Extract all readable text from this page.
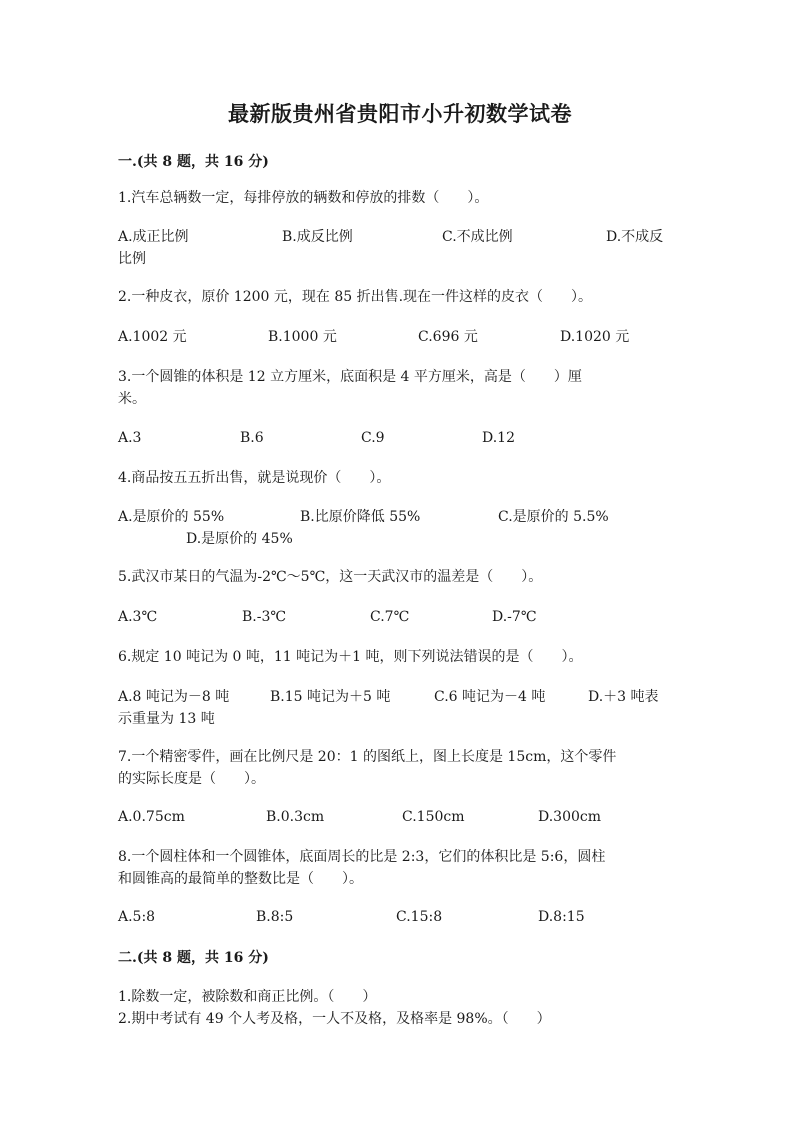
最新版贵州省贵阳市小升初数学试卷
一.(共 8 题，共 16 分)
1.汽车总辆数一定，每排停放的辆数和停放的排数（　　）。
A.成正比例	B.成反比例	C.不成比例	D.不成反
比例
2.一种皮衣，原价 1200 元，现在 85 折出售.现在一件这样的皮衣（　　）。
A.1002 元	B.1000 元	C.696 元	D.1020 元
3.一个圆锥的体积是 12 立方厘米，底面积是 4 平方厘米，高是（　　）厘
米。
A.3	B.6	C.9	D.12
4.商品按五五折出售，就是说现价（　　）。
A.是原价的 55%	B.比原价降低 55%	C.是原价的 5.5%
D.是原价的 45%
5.武汉市某日的气温为-2℃～5℃，这一天武汉市的温差是（　　）。
A.3℃	B.-3℃	C.7℃	D.-7℃
6.规定 10 吨记为 0 吨，11 吨记为＋1 吨，则下列说法错误的是（　　）。
A.8 吨记为－8 吨	B.15 吨记为＋5 吨	C.6 吨记为－4 吨	D.＋3 吨表
示重量为 13 吨
7.一个精密零件，画在比例尺是 20：1 的图纸上，图上长度是 15cm，这个零件
的实际长度是（　　）。
A.0.75cm	B.0.3cm	C.150cm	D.300cm
8.一个圆柱体和一个圆锥体，底面周长的比是 2:3，它们的体积比是 5:6，圆柱
和圆锥高的最简单的整数比是（　　）。
A.5:8	B.8:5	C.15:8	D.8:15
二.(共 8 题，共 16 分)
1.除数一定，被除数和商正比例。（　　）
2.期中考试有 49 个人考及格，一人不及格，及格率是 98%。（　　）
